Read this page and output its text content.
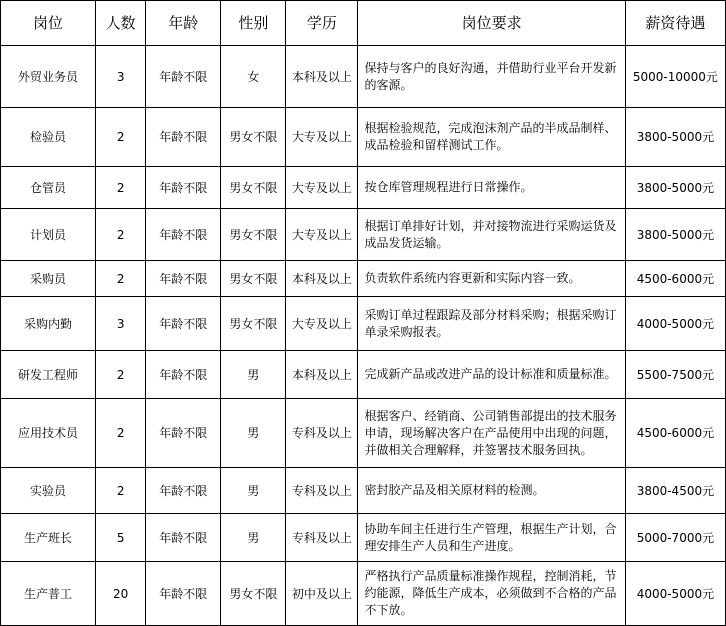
岗位	人数	年龄	性别	学历	岗位要求	薪资待遇
外贸业务员	3	年龄不限	女	本科及以上	保持与客户的良好沟通，并借助行业平台开发新的客源。	5000-10000元
检验员	2	年龄不限	男女不限	大专及以上	根据检验规范，完成泡沫剂产品的半成品制样、成品检验和留样测试工作。	3800-5000元
仓管员	2	年龄不限	男女不限	大专及以上	按仓库管理规程进行日常操作。	3800-5000元
计划员	2	年龄不限	男女不限	大专及以上	根据订单排好计划，并对接物流进行采购运货及成品发货运输。	3800-5000元
采购员	2	年龄不限	男女不限	本科及以上	负责软件系统内容更新和实际内容一致。	4500-6000元
采购内勤	3	年龄不限	男女不限	大专及以上	采购订单过程跟踪及部分材料采购；根据采购订单录采购报表。	4000-5000元
研发工程师	2	年龄不限	男	本科及以上	完成新产品或改进产品的设计标准和质量标准。	5500-7500元
应用技术员	2	年龄不限	男	专科及以上	根据客户、经销商、公司销售部提出的技术服务申请，现场解决客户在产品使用中出现的问题，并做相关合理解释，并签署技术服务回执。	4500-6000元
实验员	2	年龄不限	男	专科及以上	密封胶产品及相关原材料的检测。	3800-4500元
生产班长	5	年龄不限	男	专科及以上	协助车间主任进行生产管理，根据生产计划，合理安排生产人员和生产进度。	5000-7000元
生产普工	20	年龄不限	男女不限	初中及以上	严格执行产品质量标准操作规程，控制消耗，节约能源，降低生产成本，必须做到不合格的产品不下放。	4000-5000元
